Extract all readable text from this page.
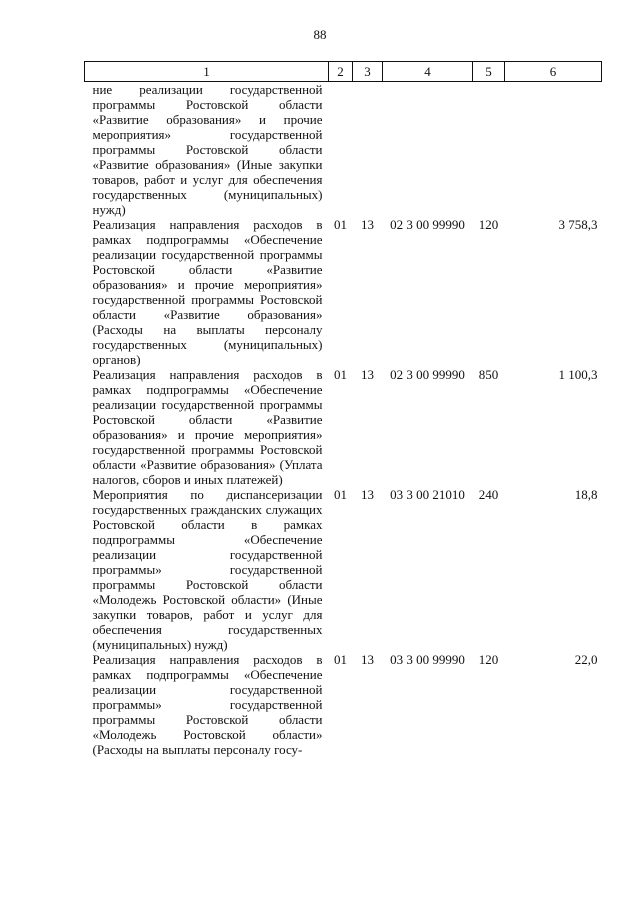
88
1	2	3	4	5	6
ние реализации государственной программы Ростовской области «Развитие образования» и прочие мероприятия» государственной программы Ростовской области «Развитие образования» (Иные закупки товаров, работ и услуг для обеспечения государственных (муниципальных) нужд)					
Реализация направления расходов в рамках подпрограммы «Обеспечение реализации государственной программы Ростовской области «Развитие образования» и прочие мероприятия» государственной программы Ростовской области «Развитие образования» (Расходы на выплаты персоналу государственных (муниципальных) органов)	01	13	02 3 00 99990	120	3 758,3
Реализация направления расходов в рамках подпрограммы «Обеспечение реализации государственной программы Ростовской области «Развитие образования» и прочие мероприятия» государственной программы Ростовской области «Развитие образования» (Уплата налогов, сборов и иных платежей)	01	13	02 3 00 99990	850	1 100,3
Мероприятия по диспансеризации государственных гражданских служащих Ростовской области в рамках подпрограммы «Обеспечение реализации государственной программы» государственной программы Ростовской области «Молодежь Ростовской области» (Иные закупки товаров, работ и услуг для обеспечения государственных (муниципальных) нужд)	01	13	03 3 00 21010	240	18,8
Реализация направления расходов в рамках подпрограммы «Обеспечение реализации государственной программы» государственной программы Ростовской области «Молодежь Ростовской области» (Расходы на выплаты персоналу госу-	01	13	03 3 00 99990	120	22,0
